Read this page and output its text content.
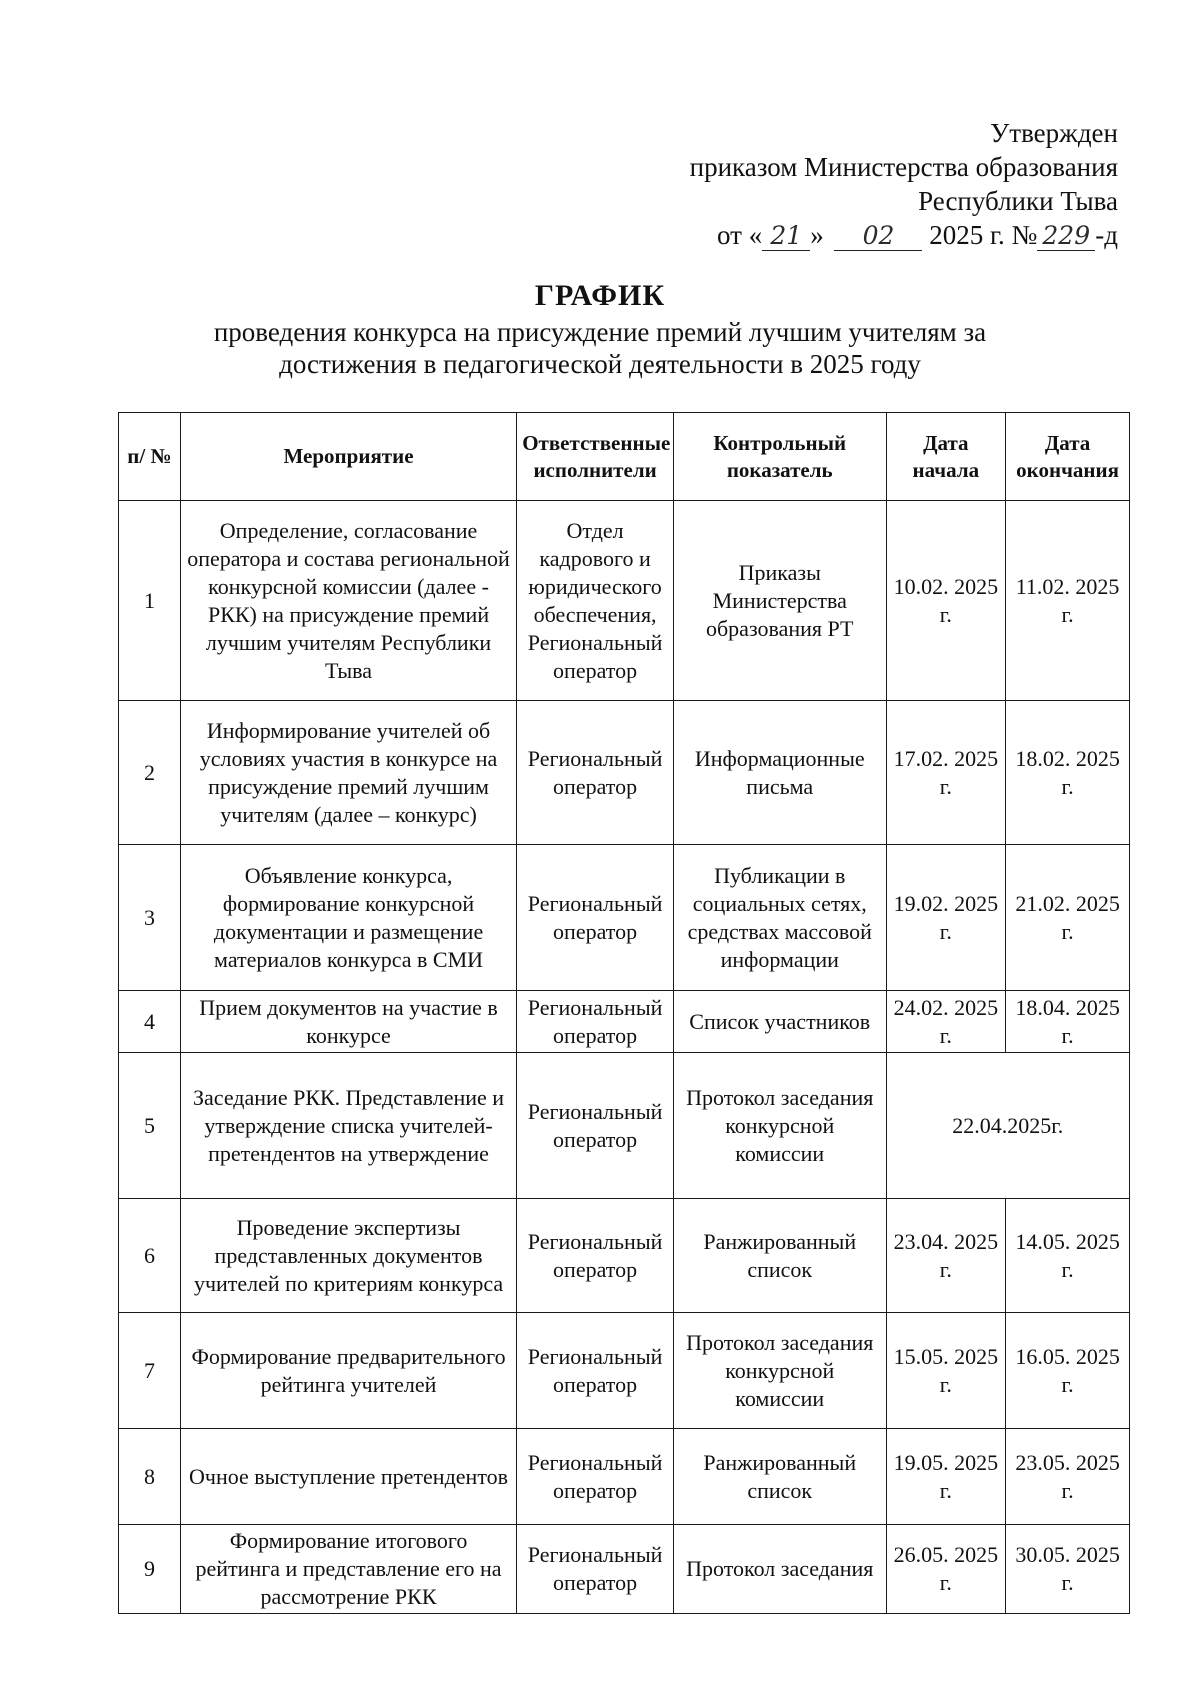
Утвержден
приказом Министерства образования
Республики Тыва
от « 21 » 02 2025 г. № 229 -д
ГРАФИК
проведения конкурса на присуждение премий лучшим учителям за достижения в педагогической деятельности в 2025 году
п/ №	Мероприятие	Ответственные исполнители	Контрольный показатель	Дата начала	Дата окончания
1	Определение, согласование оператора и состава региональной конкурсной комиссии (далее - РКК) на присуждение премий лучшим учителям Республики Тыва	Отдел кадрового и юридического обеспечения, Региональный оператор	Приказы Министерства образования РТ	10.02. 2025 г.	11.02. 2025 г.
2	Информирование учителей об условиях участия в конкурсе на присуждение премий лучшим учителям (далее – конкурс)	Региональный оператор	Информационные письма	17.02. 2025 г.	18.02. 2025 г.
3	Объявление конкурса, формирование конкурсной документации и размещение материалов конкурса в СМИ	Региональный оператор	Публикации в социальных сетях, средствах массовой информации	19.02. 2025 г.	21.02. 2025 г.
4	Прием документов на участие в конкурсе	Региональный оператор	Список участников	24.02. 2025 г.	18.04. 2025 г.
5	Заседание РКК. Представление и утверждение списка учителей-претендентов на утверждение	Региональный оператор	Протокол заседания конкурсной комиссии	22.04.2025г.	
6	Проведение экспертизы представленных документов учителей по критериям конкурса	Региональный оператор	Ранжированный список	23.04. 2025 г.	14.05. 2025 г.
7	Формирование предварительного рейтинга учителей	Региональный оператор	Протокол заседания конкурсной комиссии	15.05. 2025 г.	16.05. 2025 г.
8	Очное выступление претендентов	Региональный оператор	Ранжированный список	19.05. 2025 г.	23.05. 2025 г.
9	Формирование итогового рейтинга и представление его на рассмотрение РКК	Региональный оператор	Протокол заседания	26.05. 2025 г.	30.05. 2025 г.
